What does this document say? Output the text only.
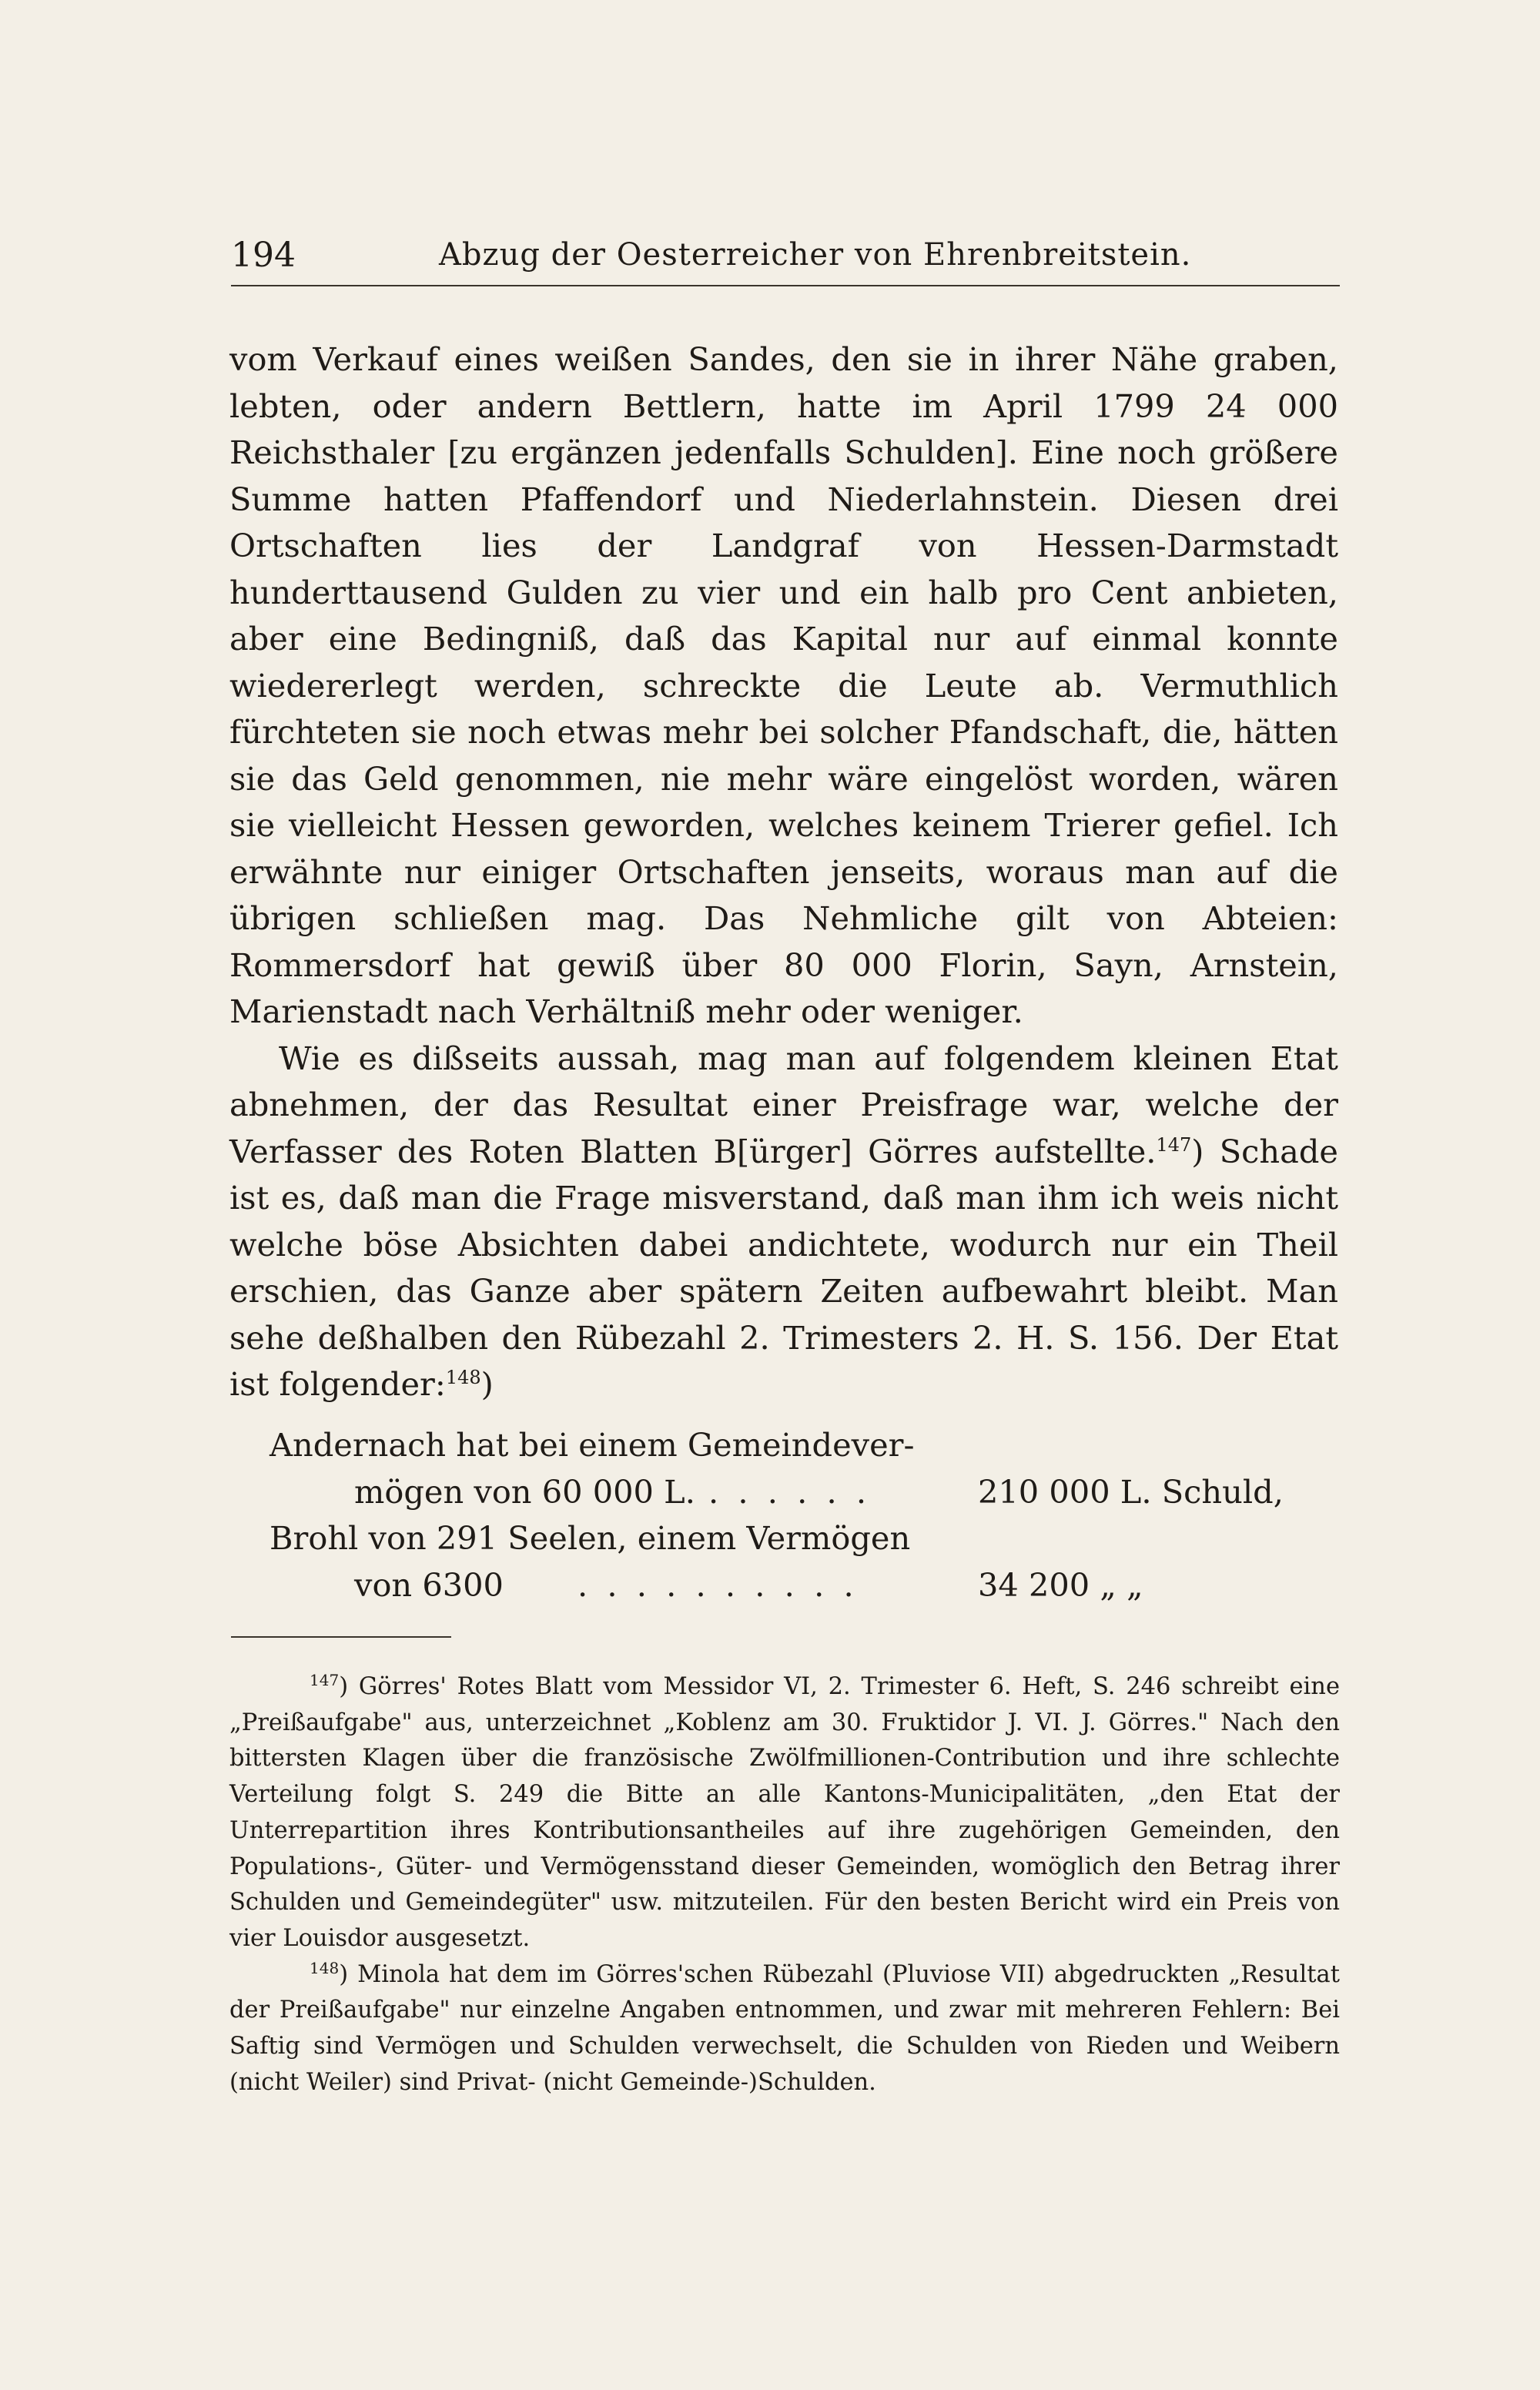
194	Abzug der Oesterreicher von Ehrenbreitstein.

vom Verkauf eines weißen Sandes, den sie in ihrer Nähe graben, lebten, oder andern Bettlern, hatte im April 1799 24 000 Reichsthaler [zu ergänzen jedenfalls Schulden]. Eine noch größere Summe hatten Pfaffendorf und Niederlahnstein. Diesen drei Ortschaften lies der Landgraf von Hessen-Darmstadt hunderttausend Gulden zu vier und ein halb pro Cent anbieten, aber eine Bedingniß, daß das Kapital nur auf einmal konnte wiedererlegt werden, schreckte die Leute ab. Vermuthlich fürchteten sie noch etwas mehr bei solcher Pfandschaft, die, hätten sie das Geld genommen, nie mehr wäre eingelöst worden, wären sie vielleicht Hessen geworden, welches keinem Trierer gefiel. Ich erwähnte nur einiger Ortschaften jenseits, woraus man auf die übrigen schließen mag. Das Nehmliche gilt von Abteien: Rommersdorf hat gewiß über 80 000 Florin, Sayn, Arnstein, Marienstadt nach Verhältniß mehr oder weniger.

Wie es dißseits aussah, mag man auf folgendem kleinen Etat abnehmen, der das Resultat einer Preisfrage war, welche der Verfasser des Roten Blatten B[ürger] Görres aufstellte.$^{147}$) Schade ist es, daß man die Frage misverstand, daß man ihm ich weis nicht welche böse Absichten dabei andichtete, wodurch nur ein Theil erschien, das Ganze aber spätern Zeiten aufbewahrt bleibt. Man sehe deßhalben den Rübezahl 2. Trimesters 2. H. S. 156. Der Etat ist folgender:$^{148}$)

Andernach hat bei einem Gemeindever-
mögen von 60 000 L. . . . . . .	210 000 L. Schuld,
Brohl von 291 Seelen, einem Vermögen
von 6300 . . . . . . . . . .	34 200 „ „

$^{147}$) Görres' Rotes Blatt vom Messidor VI, 2. Trimester 6. Heft, S. 246 schreibt eine „Preißaufgabe" aus, unterzeichnet „Koblenz am 30. Fruktidor J. VI. J. Görres." Nach den bittersten Klagen über die französische Zwölfmillionen-Contribution und ihre schlechte Verteilung folgt S. 249 die Bitte an alle Kantons-Municipalitäten, „den Etat der Unterrepartition ihres Kontributionsantheiles auf ihre zugehörigen Gemeinden, den Populations-, Güter- und Vermögensstand dieser Gemeinden, womöglich den Betrag ihrer Schulden und Gemeindegüter" usw. mitzuteilen. Für den besten Bericht wird ein Preis von vier Louisdor ausgesetzt.

$^{148}$) Minola hat dem im Görres'schen Rübezahl (Pluviose VII) abgedruckten „Resultat der Preißaufgabe" nur einzelne Angaben entnommen, und zwar mit mehreren Fehlern: Bei Saftig sind Vermögen und Schulden verwechselt, die Schulden von Rieden und Weibern (nicht Weiler) sind Privat- (nicht Gemeinde-)Schulden.
